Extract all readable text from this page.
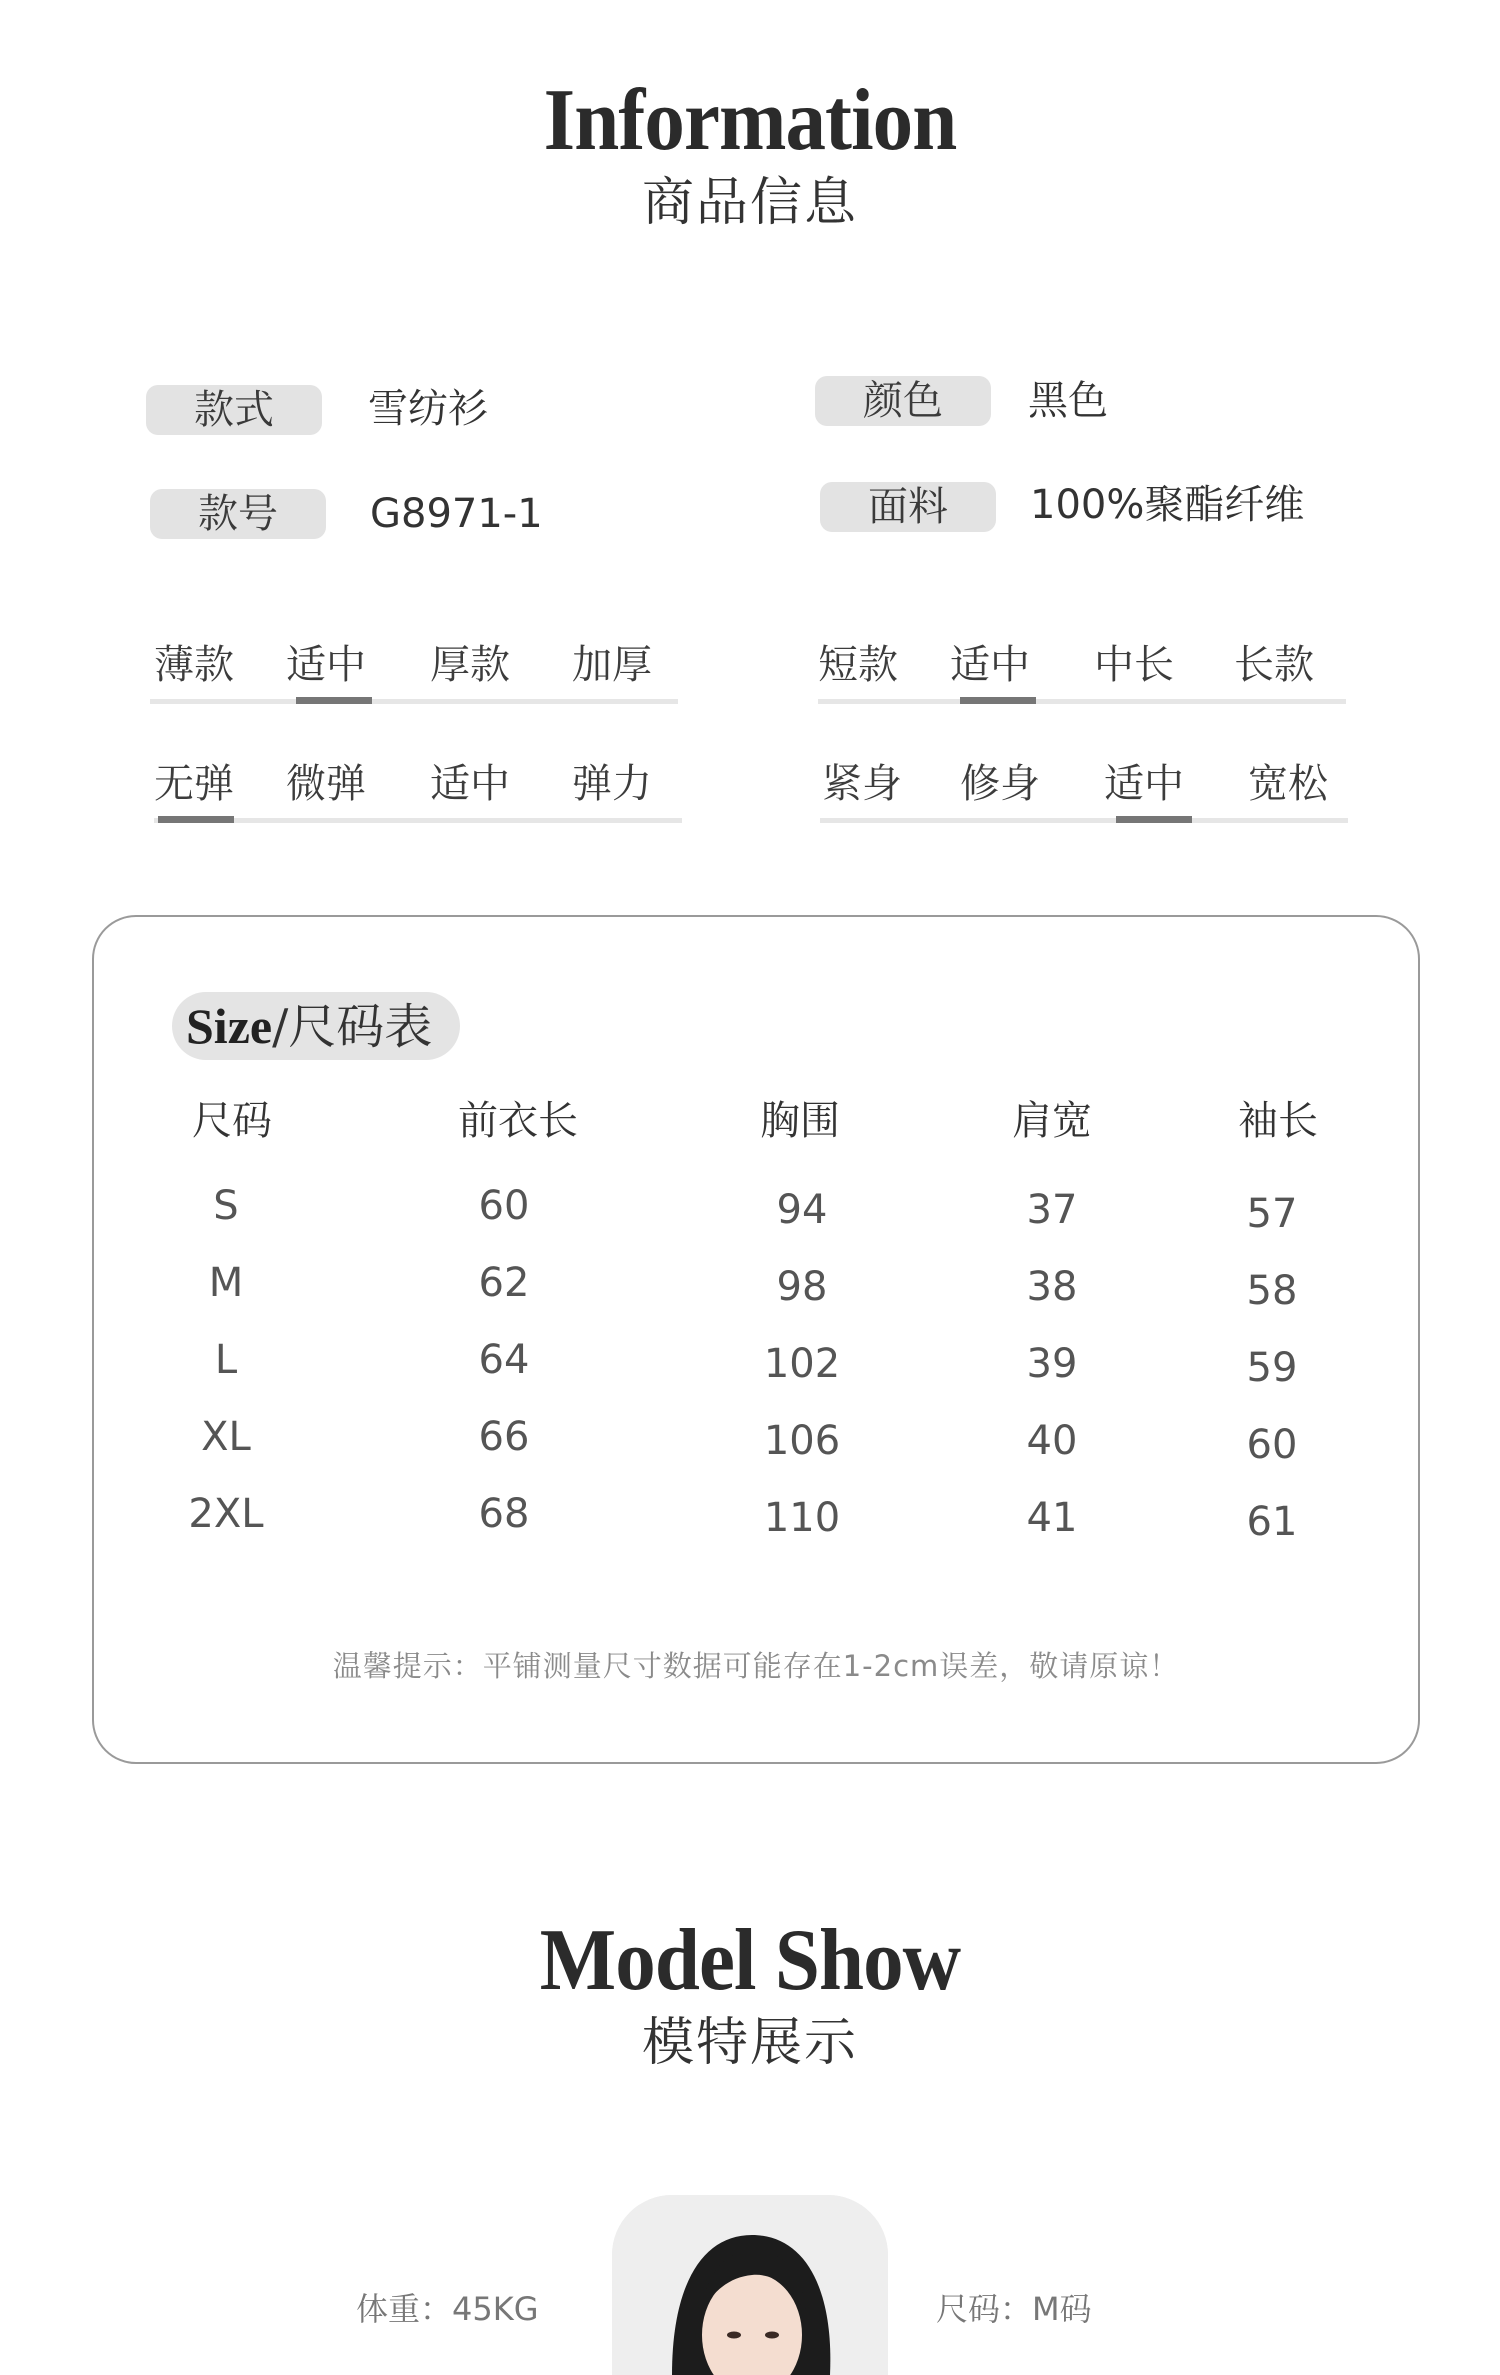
Information
商品信息
款式	雪纺衫	颜色	黑色
款号	G8971-1	面料	100%聚酯纤维
薄款 适中 厚款 加厚	短款 适中 中长 长款
无弹 微弹 适中 弹力	紧身 修身 适中 宽松
Size/尺码表
尺码	前衣长	胸围	肩宽	袖长
S	60	94	37	57
M	62	98	38	58
L	64	102	39	59
XL	66	106	40	60
2XL	68	110	41	61
温馨提示：平铺测量尺寸数据可能存在1-2cm误差，敬请原谅！
Model Show
模特展示
体重：45KG	尺码：M码
